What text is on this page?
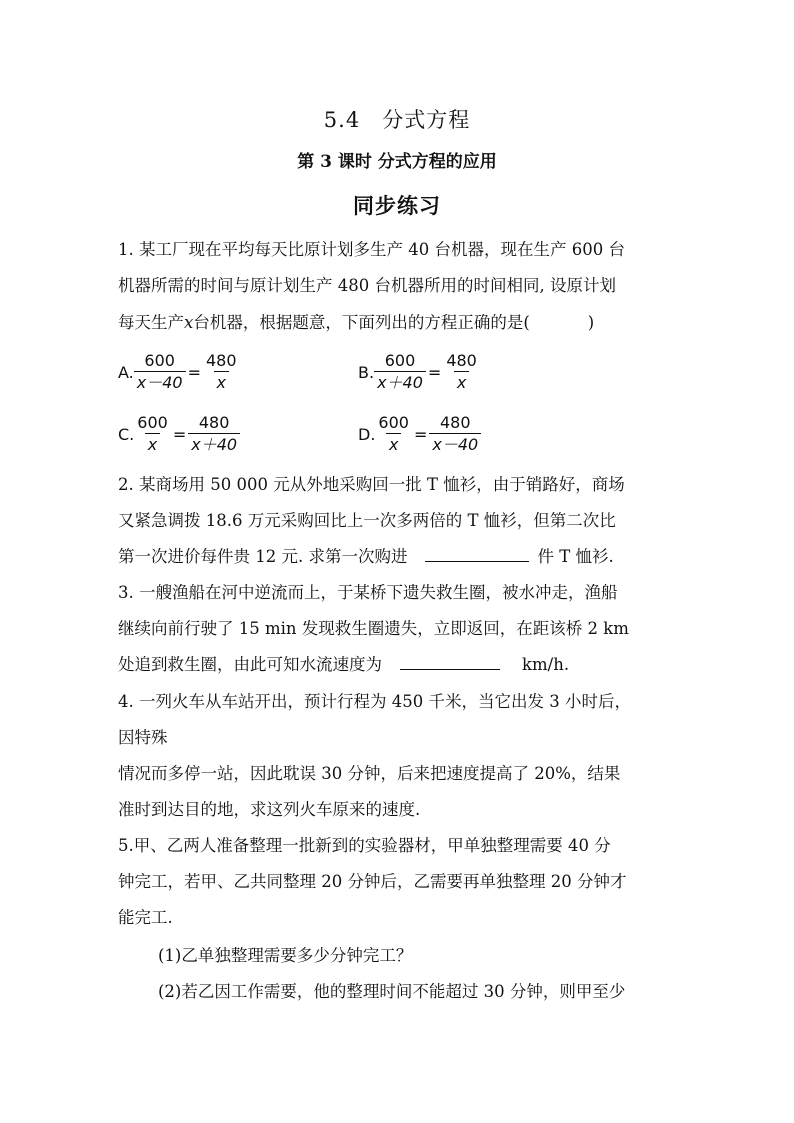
5.4　分式方程
第 3 课时 分式方程的应用
同步练习
1. 某工厂现在平均每天比原计划多生产 40 台机器，现在生产 600 台
机器所需的时间与原计划生产 480 台机器所用的时间相同, 设原计划
每天生产x台机器，根据题意，下面列出的方程正确的是(	)
A. $\frac{600}{x-40} = \frac{480}{x}$	B. $\frac{600}{x+40} = \frac{480}{x}$
C. $\frac{600}{x} = \frac{480}{x+40}$	D. $\frac{600}{x} = \frac{480}{x-40}$
2. 某商场用 50 000 元从外地采购回一批 T 恤衫，由于销路好，商场
又紧急调拨 18.6 万元采购回比上一次多两倍的 T 恤衫，但第二次比
第一次进价每件贵 12 元. 求第一次购进	件 T 恤衫.
3. 一艘渔船在河中逆流而上，于某桥下遗失救生圈，被水冲走，渔船
继续向前行驶了 15 min 发现救生圈遗失，立即返回，在距该桥 2 km
处追到救生圈，由此可知水流速度为	km/h.
4. 一列火车从车站开出，预计行程为 450 千米，当它出发 3 小时后，
因特殊
情况而多停一站，因此耽误 30 分钟，后来把速度提高了 20%，结果
准时到达目的地，求这列火车原来的速度.
5.甲、乙两人准备整理一批新到的实验器材，甲单独整理需要 40 分
钟完工，若甲、乙共同整理 20 分钟后，乙需要再单独整理 20 分钟才
能完工.
(1)乙单独整理需要多少分钟完工？
(2)若乙因工作需要，他的整理时间不能超过 30 分钟，则甲至少
